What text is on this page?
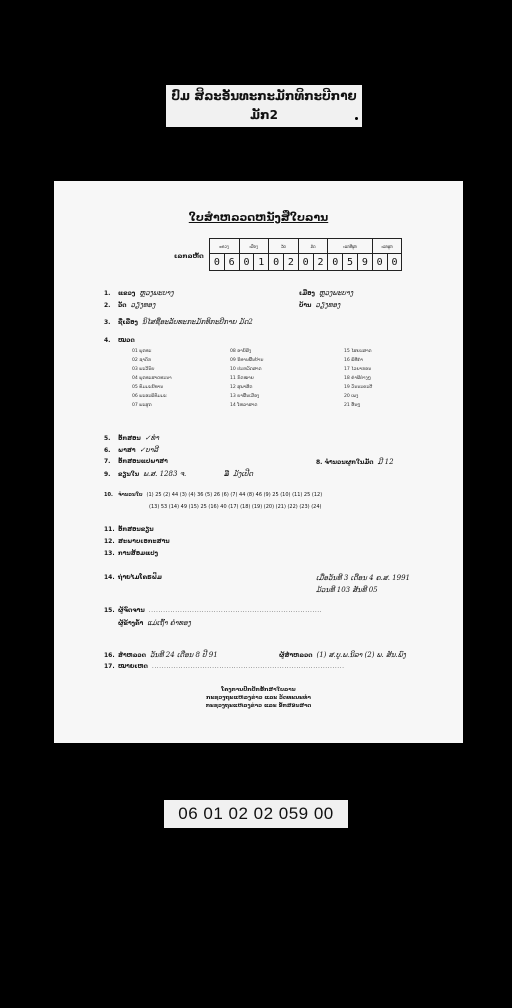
ປົມ ສິລະອັນທະກະມັກທິກະບີກາຍ
ມັກ2
ໃບສຳຫລວດຫນັງສືໃບລານ
ເລກລຫັດ
ແຂວງ		ເມືອງ		ວັດ		ມັດ		ເລກທີຜູກ			ເລກຜູກ	
0	6	0	1	0	2	0	2	0	5	9	0	0
1. ແຂວງ ຫຼວງພະບາງ	ເມືອງ ຫຼວງພະບາງ
2. ວັດ ວຽງທອງ	ບ້ານ ວຽງທອງ
3. ຊື່ເລື່ອງ ນິໄສຊື່ອະລັບທະກະມັກທິກະບີກາຍ ມັດ2
4. ໝວດ
01 ພຸດທະ
02 ຊາດົກ
03 ພະວິນັຍ
04 ພຸດທະສາດທະນາ
05 ທັມມະນີທານ
06 ພະອະພິທັມມະ
07 ພະສູດ
08 ອານິສົງ
09 ນິທານພື້ນບ້ານ
10 ປະຫວັດສາດ
11 ກົດໝາຍ
12 ສຸພາສິດ
13 ຍາພື້ນເມືອງ
14 ໂຫລາສາດ
15 ໄສຍະສາດ
16 ພິທີກຳ
17 ໄວຍາກອນ
18 ຄຳພີຕ່າງໆ
19 ວັນນະຄະດີ
20 ເພງ
21 ອື່ນໆ
5. ອັກສອນ ✓ທຳ
6. ພາສາ ✓ບາລີ
7. ອັກສອນແປພາສາ	8. ຈຳນວນຜູກໃນມັດ ມີ 12
9. ຂຽນໃນ ພ.ສ. 1283 ຈ.	ມີ ມັງເປີດ
10. ຈຳນວນໃບ (1) 25 (2) 44 (3) (4) 36 (5) 26 (6) (7) 44 (8) 46 (9) 25 (10) (11) 25 (12)
(13) 53 (14) 49 (15) 25 (16) 40 (17) (18) (19) (20) (21) (22) (23) (24)
11. ອັກສອນຂຽນ
12. ສະພາບເອກະສານ
13. ການສ້ອມແປງ
14. ຖ່າຍໄມໂຄຣຟິມ	ເມື່ອວັນທີ 3 ເດືອນ 4 ຄ.ສ. 1991
ມ້ວນທີ 103 ສັນທີ 05
15. ຜູ້ຈົດຈານ ........................................................................
ຜູ້ຂ້າງຄ້ຳ ແມ່ເຖົ້າ ຄຳທອງ
16. ສຳຫລວດ ວັນທີ 24 ເດືອນ 8 ປີ 91	ຜູ້ສຳຫລວດ (1) ສ.ບູ.ພ.ນິລາ (2) ພ. ສັນ.ພົງ
17. ໝາຍເຫດ ................................................................................
ໂຄງການປົກປັກຮັກສາໃບລານ
ກະຊວງຖະແຫລງຂ່າວ ແລະ ວັດທະນະທຳ
ກະຊວງຖະແຫລງຂ່າວ ແລະ ອັກສອນສາດ
06 01 02 02 059 00
